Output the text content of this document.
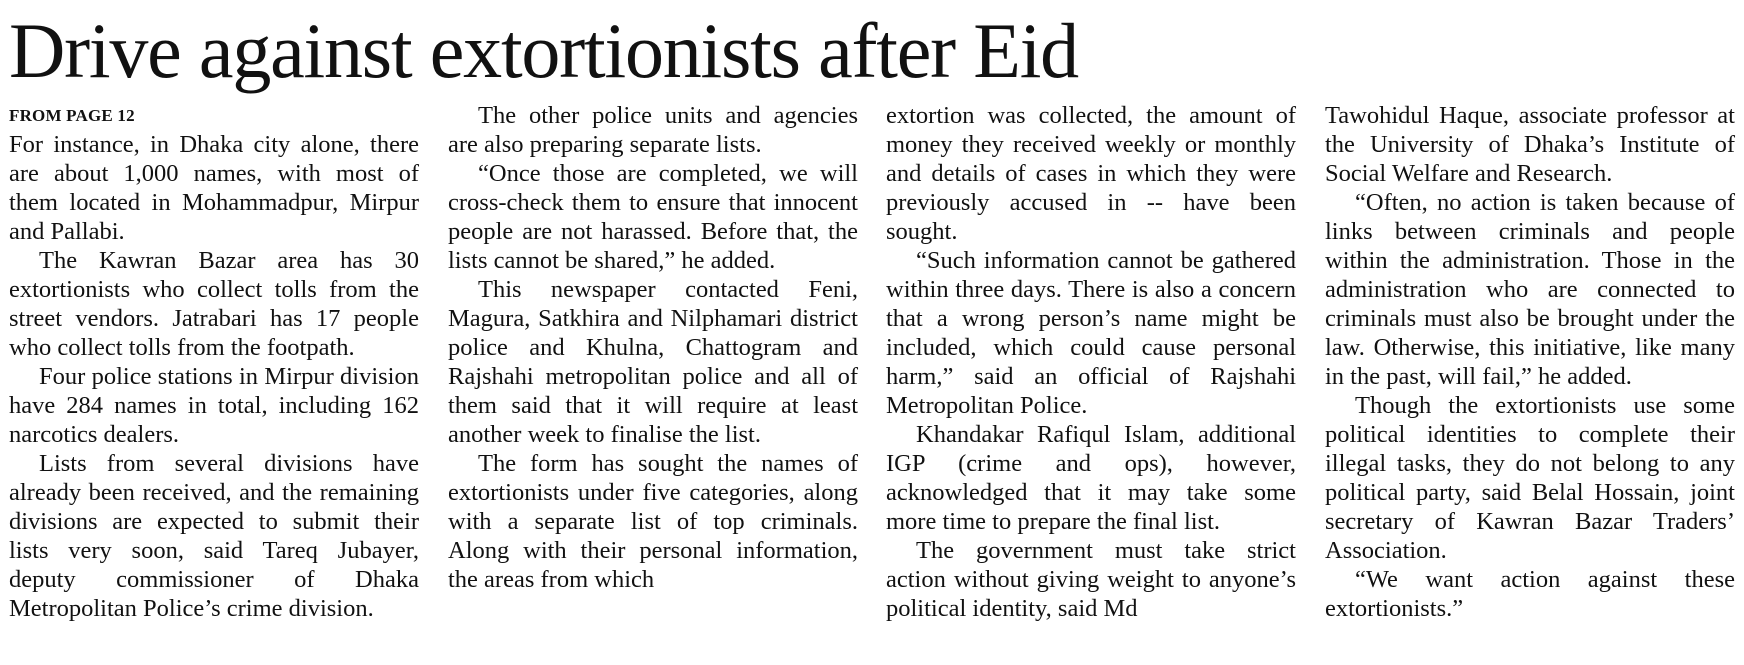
Drive against extortionists after Eid
FROM PAGE 12

For instance, in Dhaka city alone, there are about 1,000 names, with most of them located in Mohammadpur, Mirpur and Pallabi.

The Kawran Bazar area has 30 extortionists who collect tolls from the street vendors. Jatrabari has 17 people who collect tolls from the footpath.

Four police stations in Mirpur division have 284 names in total, including 162 narcotics dealers.

Lists from several divisions have already been received, and the remaining divisions are expected to submit their lists very soon, said Tareq Jubayer, deputy commissioner of Dhaka Metropolitan Police’s crime division.

The other police units and agencies are also preparing separate lists.

“Once those are completed, we will cross-check them to ensure that innocent people are not harassed. Before that, the lists cannot be shared,” he added.

This newspaper contacted Feni, Magura, Satkhira and Nilphamari district police and Khulna, Chattogram and Rajshahi metropolitan police and all of them said that it will require at least another week to finalise the list.

The form has sought the names of extortionists under five categories, along with a separate list of top criminals. Along with their personal information, the areas from which

extortion was collected, the amount of money they received weekly or monthly and details of cases in which they were previously accused in -- have been sought.

“Such information cannot be gathered within three days. There is also a concern that a wrong person’s name might be included, which could cause personal harm,” said an official of Rajshahi Metropolitan Police.

Khandakar Rafiqul Islam, additional IGP (crime and ops), however, acknowledged that it may take some more time to prepare the final list.

The government must take strict action without giving weight to anyone’s political identity, said Md

Tawohidul Haque, associate professor at the University of Dhaka’s Institute of Social Welfare and Research.

“Often, no action is taken because of links between criminals and people within the administration. Those in the administration who are connected to criminals must also be brought under the law. Otherwise, this initiative, like many in the past, will fail,” he added.

Though the extortionists use some political identities to complete their illegal tasks, they do not belong to any political party, said Belal Hossain, joint secretary of Kawran Bazar Traders’ Association.

“We want action against these extortionists.”
